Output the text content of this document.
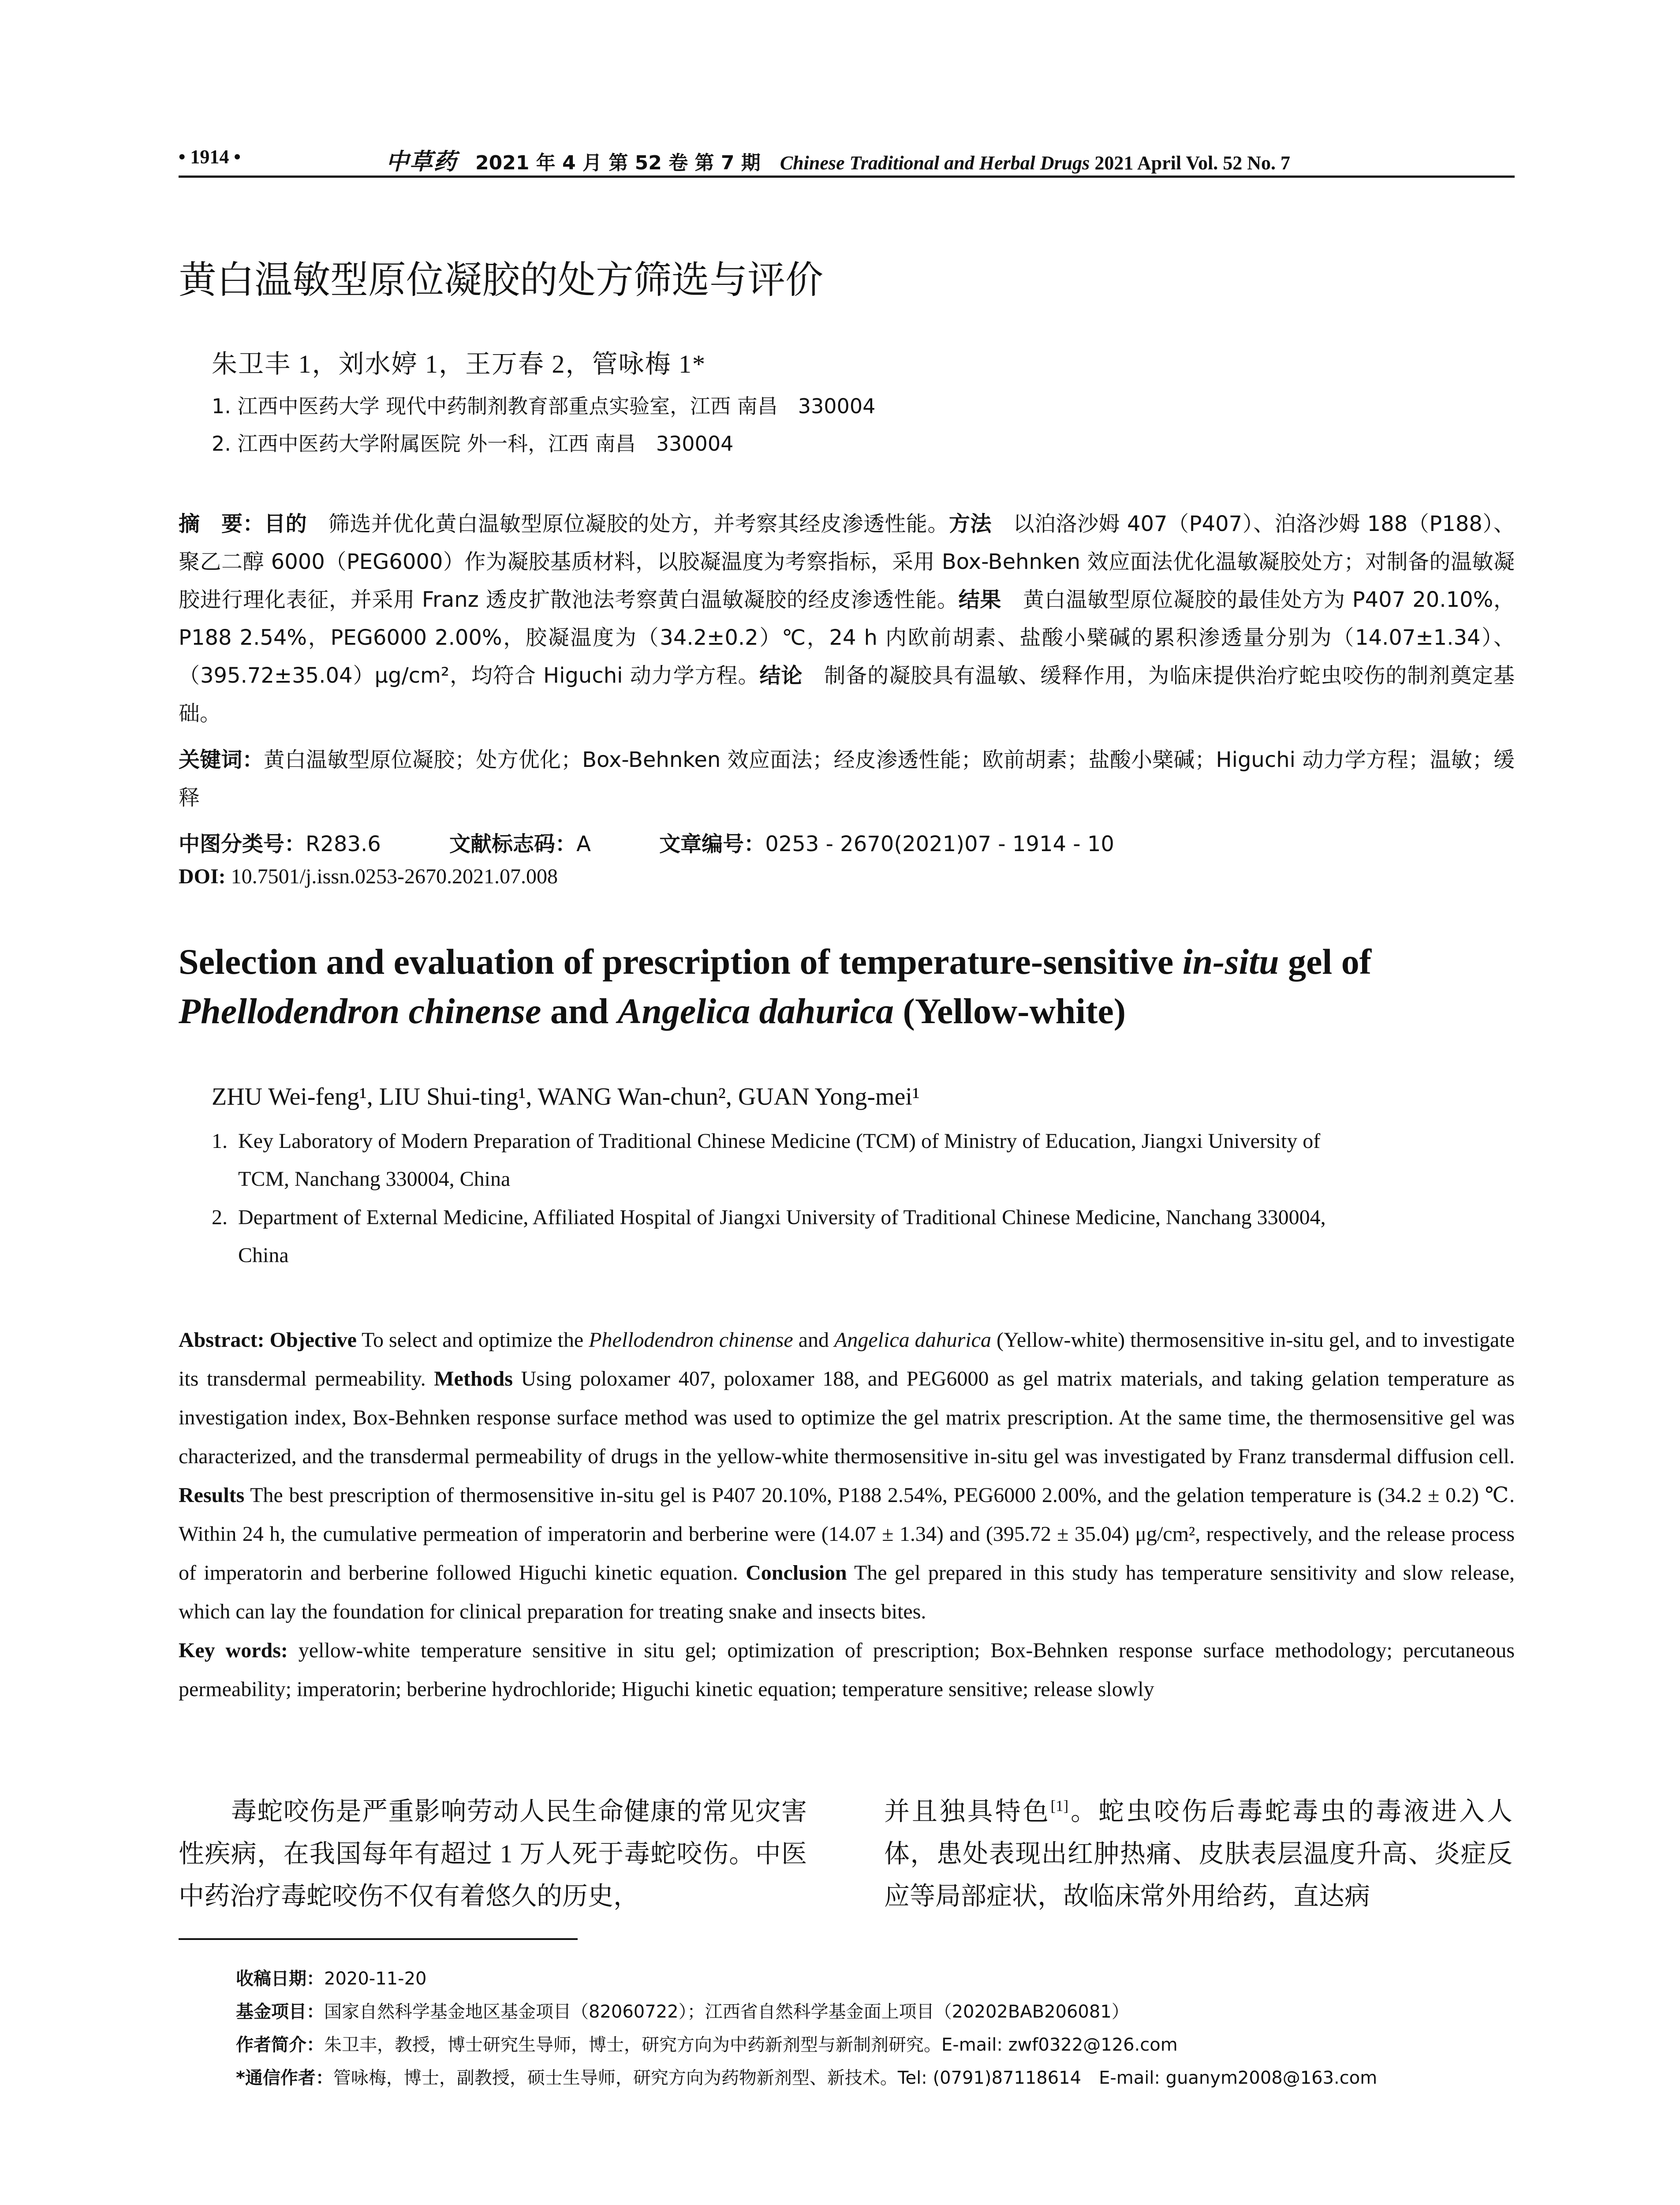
• 1914 •	中草药 2021 年 4 月 第 52 卷 第 7 期 Chinese Traditional and Herbal Drugs 2021 April Vol. 52 No. 7
黄白温敏型原位凝胶的处方筛选与评价
朱卫丰 1，刘水婷 1，王万春 2，管咏梅 1*
1. 江西中医药大学 现代中药制剂教育部重点实验室，江西 南昌　330004
2. 江西中医药大学附属医院 外一科，江西 南昌　330004
摘　要：目的　筛选并优化黄白温敏型原位凝胶的处方，并考察其经皮渗透性能。方法　以泊洛沙姆 407（P407）、泊洛沙姆 188（P188）、聚乙二醇 6000（PEG6000）作为凝胶基质材料，以胶凝温度为考察指标，采用 Box-Behnken 效应面法优化温敏凝胶处方；对制备的温敏凝胶进行理化表征，并采用 Franz 透皮扩散池法考察黄白温敏凝胶的经皮渗透性能。结果　黄白温敏型原位凝胶的最佳处方为 P407 20.10%，P188 2.54%，PEG6000 2.00%，胶凝温度为（34.2±0.2）℃，24 h 内欧前胡素、盐酸小檗碱的累积渗透量分别为（14.07±1.34）、（395.72±35.04）μg/cm²，均符合 Higuchi 动力学方程。结论　制备的凝胶具有温敏、缓释作用，为临床提供治疗蛇虫咬伤的制剂奠定基础。
关键词：黄白温敏型原位凝胶；处方优化；Box-Behnken 效应面法；经皮渗透性能；欧前胡素；盐酸小檗碱；Higuchi 动力学方程；温敏；缓释
中图分类号：R283.6	文献标志码：A	文章编号：0253 - 2670(2021)07 - 1914 - 10
DOI: 10.7501/j.issn.0253-2670.2021.07.008
Selection and evaluation of prescription of temperature-sensitive in-situ gel of Phellodendron chinense and Angelica dahurica (Yellow-white)
ZHU Wei-feng¹, LIU Shui-ting¹, WANG Wan-chun², GUAN Yong-mei¹
1. Key Laboratory of Modern Preparation of Traditional Chinese Medicine (TCM) of Ministry of Education, Jiangxi University of
TCM, Nanchang 330004, China
2. Department of External Medicine, Affiliated Hospital of Jiangxi University of Traditional Chinese Medicine, Nanchang 330004,
China
Abstract: Objective To select and optimize the Phellodendron chinense and Angelica dahurica (Yellow-white) thermosensitive in-situ gel, and to investigate its transdermal permeability. Methods Using poloxamer 407, poloxamer 188, and PEG6000 as gel matrix materials, and taking gelation temperature as investigation index, Box-Behnken response surface method was used to optimize the gel matrix prescription. At the same time, the thermosensitive gel was characterized, and the transdermal permeability of drugs in the yellow-white thermosensitive in-situ gel was investigated by Franz transdermal diffusion cell. Results The best prescription of thermosensitive in-situ gel is P407 20.10%, P188 2.54%, PEG6000 2.00%, and the gelation temperature is (34.2 ± 0.2) ℃. Within 24 h, the cumulative permeation of imperatorin and berberine were (14.07 ± 1.34) and (395.72 ± 35.04) μg/cm², respectively, and the release process of imperatorin and berberine followed Higuchi kinetic equation. Conclusion The gel prepared in this study has temperature sensitivity and slow release, which can lay the foundation for clinical preparation for treating snake and insects bites.
Key words: yellow-white temperature sensitive in situ gel; optimization of prescription; Box-Behnken response surface methodology; percutaneous permeability; imperatorin; berberine hydrochloride; Higuchi kinetic equation; temperature sensitive; release slowly
　　毒蛇咬伤是严重影响劳动人民生命健康的常见灾害性疾病，在我国每年有超过 1 万人死于毒蛇咬伤。中医中药治疗毒蛇咬伤不仅有着悠久的历史，
并且独具特色[1]。蛇虫咬伤后毒蛇毒虫的毒液进入人体，患处表现出红肿热痛、皮肤表层温度升高、炎症反应等局部症状，故临床常外用给药，直达病
收稿日期：2020-11-20
基金项目：国家自然科学基金地区基金项目（82060722）；江西省自然科学基金面上项目（20202BAB206081）
作者简介：朱卫丰，教授，博士研究生导师，博士，研究方向为中药新剂型与新制剂研究。E-mail: zwf0322@126.com
*通信作者：管咏梅，博士，副教授，硕士生导师，研究方向为药物新剂型、新技术。Tel: (0791)87118614　E-mail: guanym2008@163.com
